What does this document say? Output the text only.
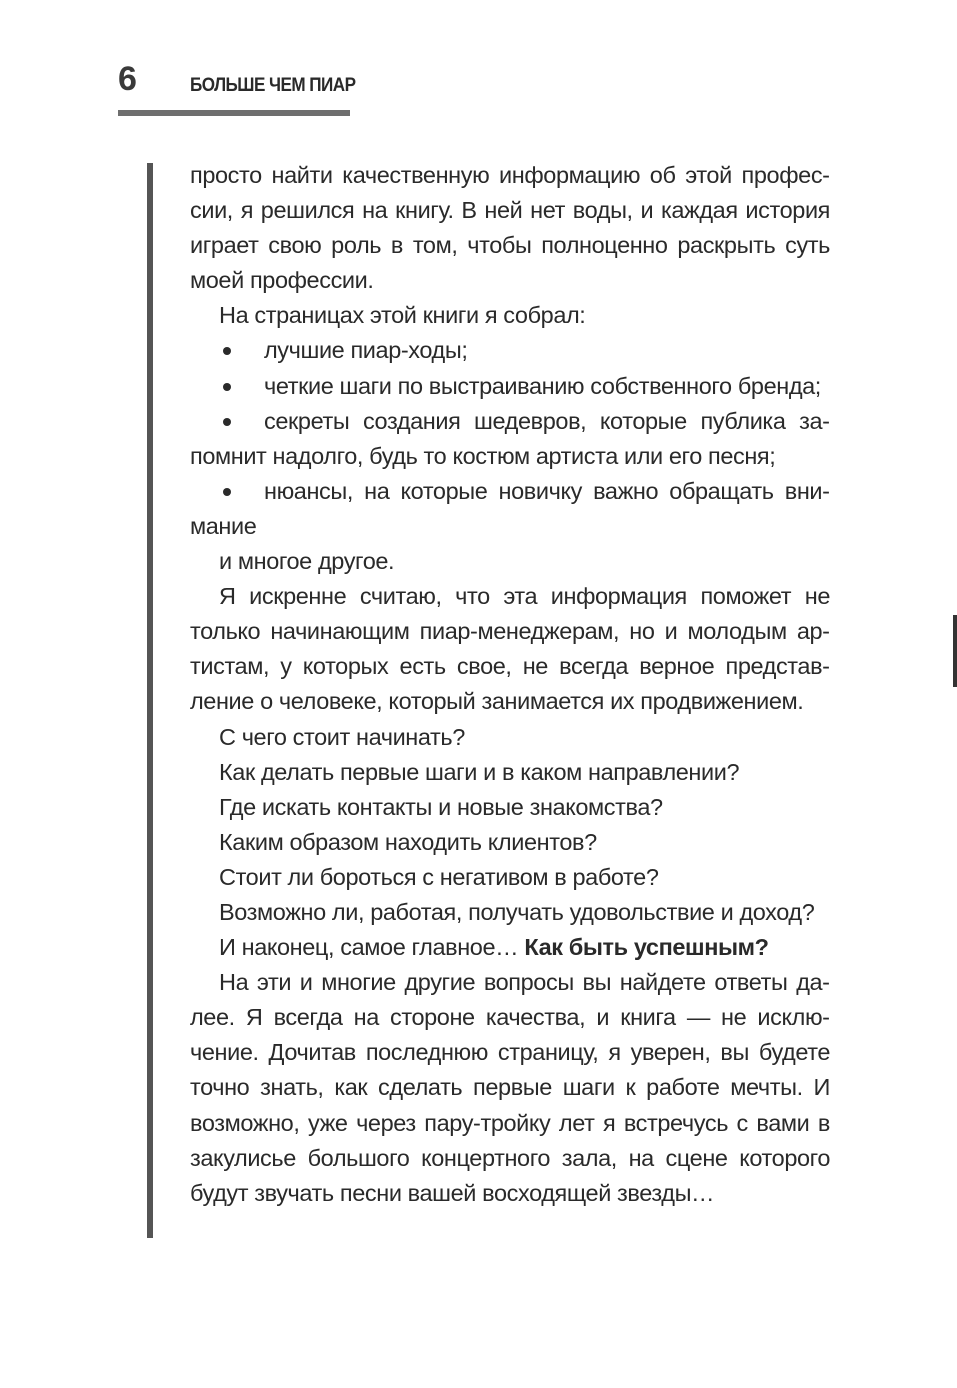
6	БОЛЬШЕ ЧЕМ ПИАР

просто найти качественную информацию об этой профессии, я решился на книгу. В ней нет воды, и каждая история играет свою роль в том, чтобы полноценно раскрыть суть моей профессии.

На страницах этой книги я собрал:

лучшие пиар-ходы;
четкие шаги по выстраиванию собственного бренда;
секреты создания шедевров, которые публика запомнит надолго, будь то костюм артиста или его песня;
нюансы, на которые новичку важно обращать внимание

и многое другое.

Я искренне считаю, что эта информация поможет не только начинающим пиар-менеджерам, но и молодым артистам, у которых есть свое, не всегда верное представление о человеке, который занимается их продвижением.

С чего стоит начинать?

Как делать первые шаги и в каком направлении?

Где искать контакты и новые знакомства?

Каким образом находить клиентов?

Стоит ли бороться с негативом в работе?

Возможно ли, работая, получать удовольствие и доход?

И наконец, самое главное… Как быть успешным?

На эти и многие другие вопросы вы найдете ответы далее. Я всегда на стороне качества, и книга — не исключение. Дочитав последнюю страницу, я уверен, вы будете точно знать, как сделать первые шаги к работе мечты. И возможно, уже через пару-тройку лет я встречусь с вами в закулисье большого концертного зала, на сцене которого будут звучать песни вашей восходящей звезды…
